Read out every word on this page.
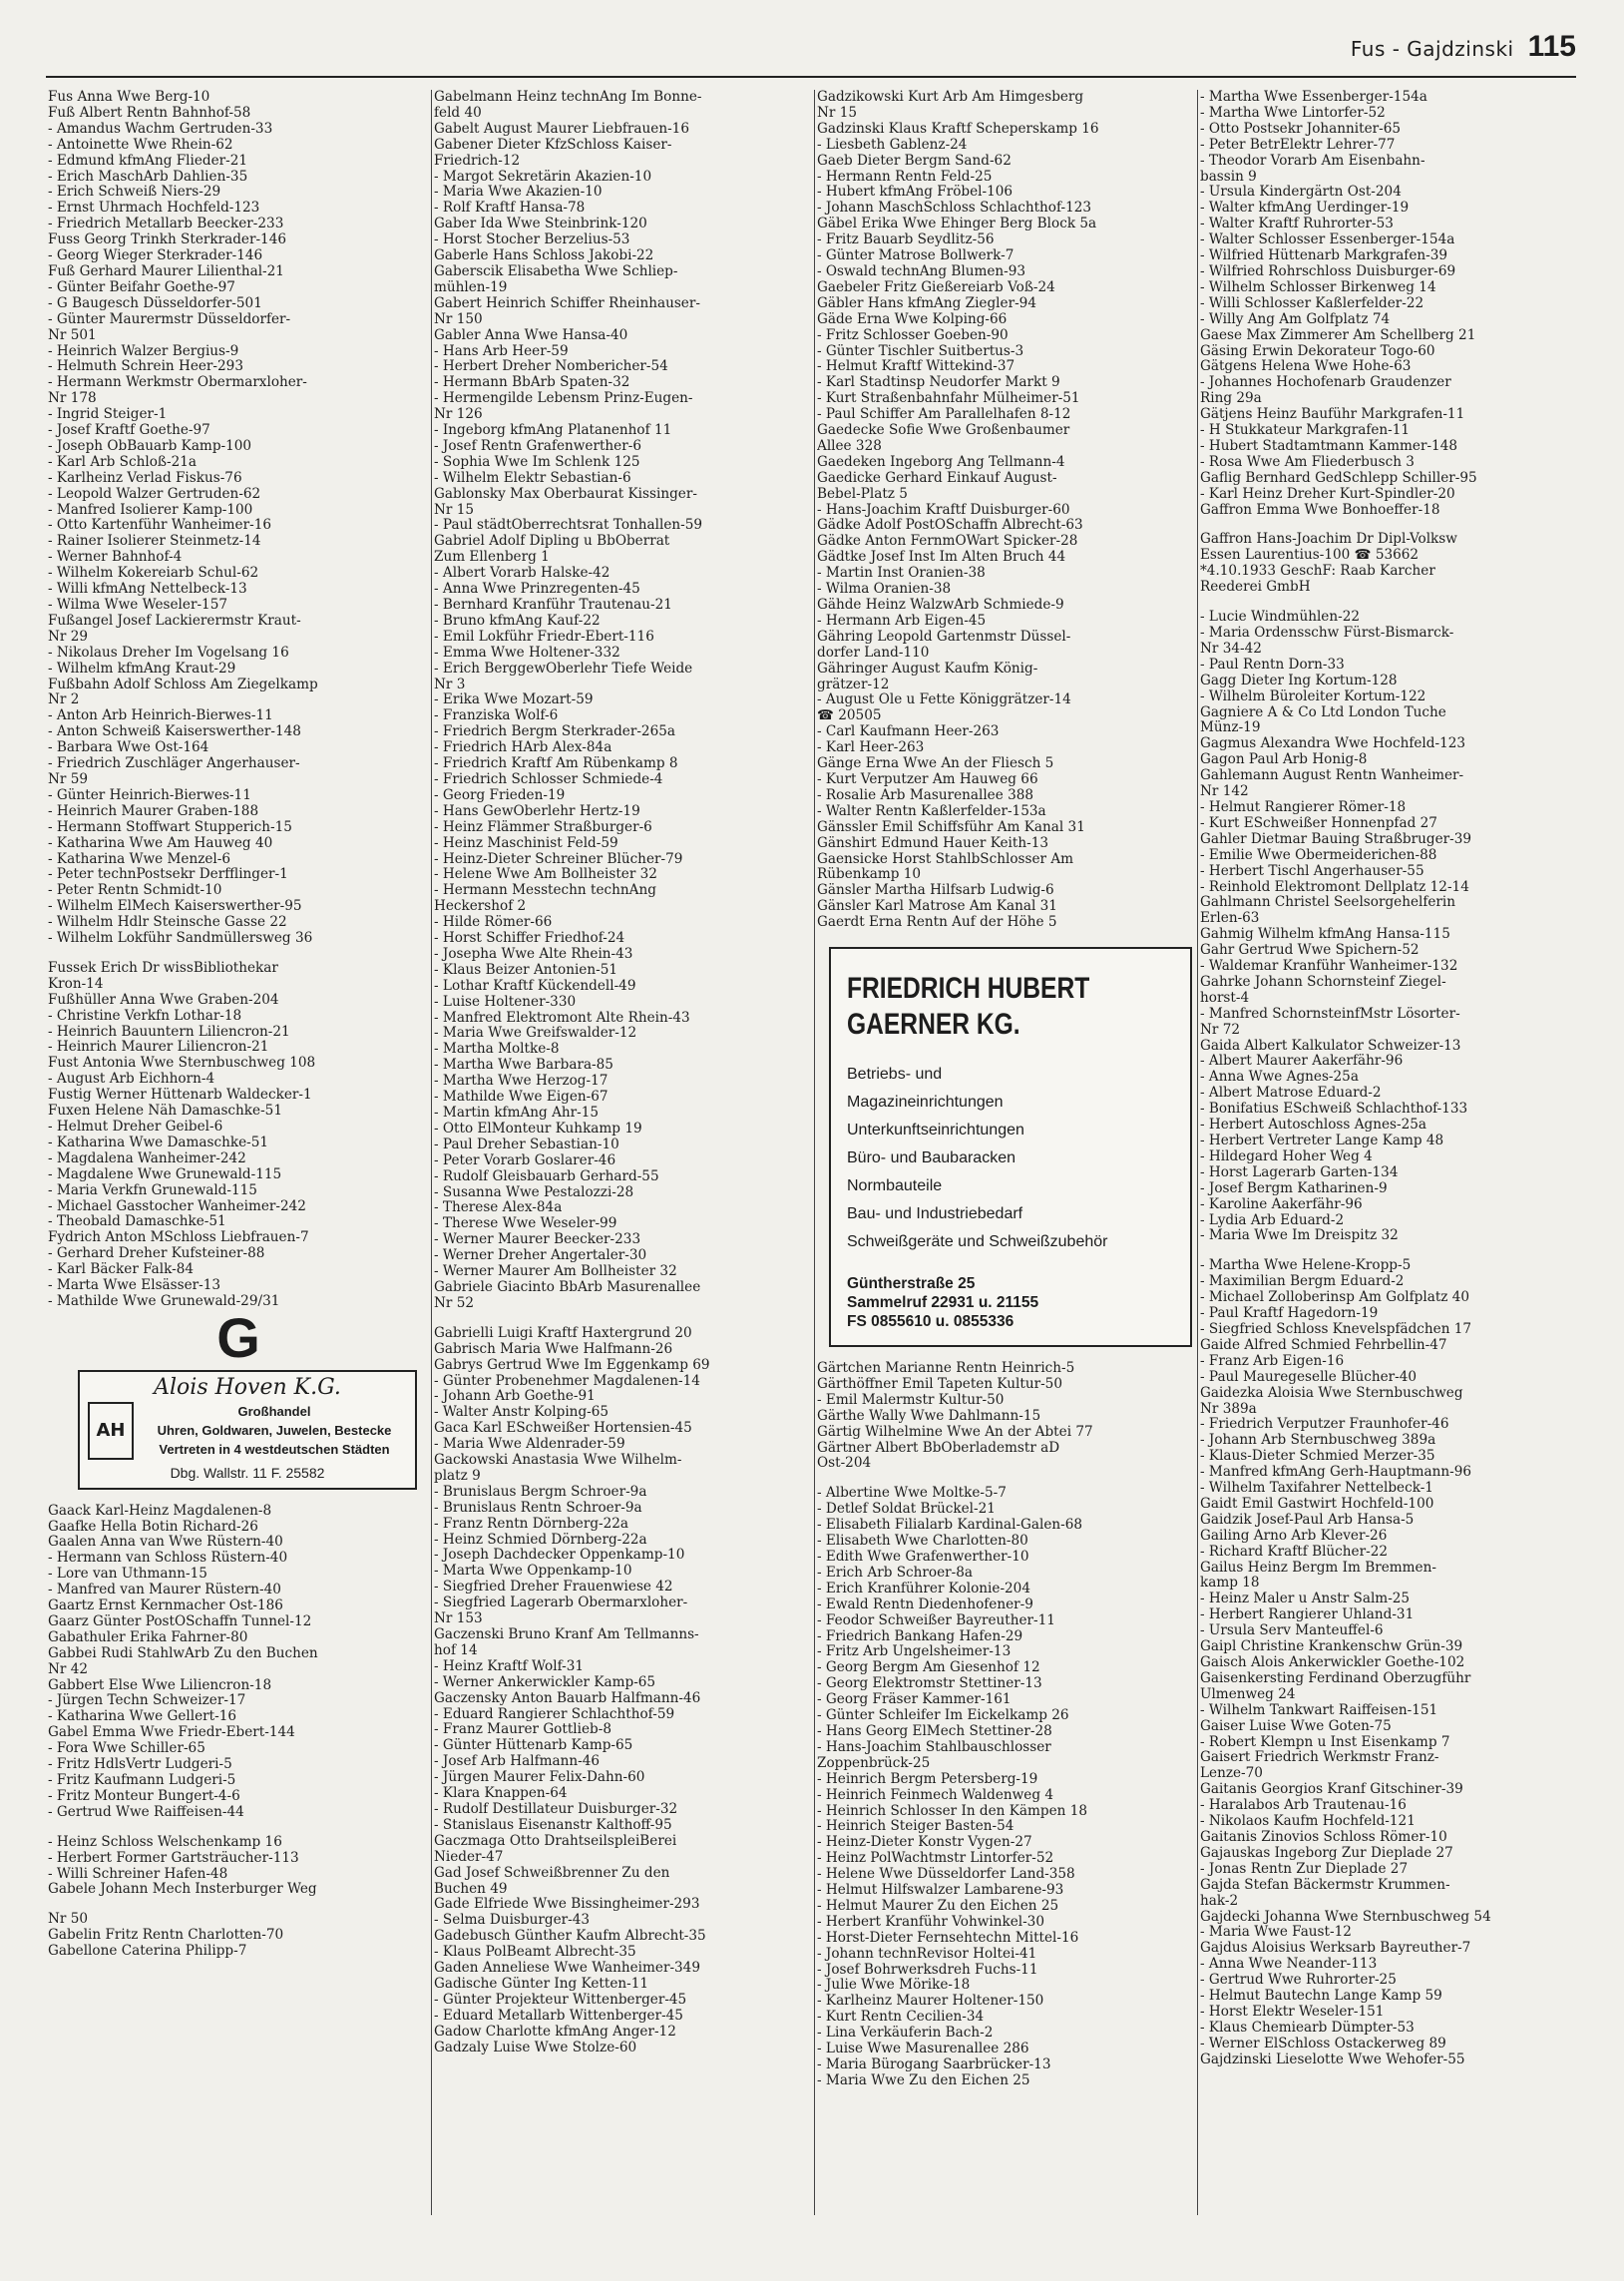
Fus - Gajdzinski 115
Fus Anna Wwe Berg-10
Fuß Albert Rentn Bahnhof-58
- Amandus Wachm Gertruden-33
- Antoinette Wwe Rhein-62
- Edmund kfmAng Flieder-21
- Erich MaschArb Dahlien-35
- Erich Schweiß Niers-29
- Ernst Uhrmach Hochfeld-123
- Friedrich Metallarb Beecker-233
Fuss Georg Trinkh Sterkrader-146
- Georg Wieger Sterkrader-146
Fuß Gerhard Maurer Lilienthal-21
- Günter Beifahr Goethe-97
- G Baugesch Düsseldorfer-501
- Günter Maurermstr Düsseldorfer-
Nr 501
- Heinrich Walzer Bergius-9
- Helmuth Schrein Heer-293
- Hermann Werkmstr Obermarxloher-
Nr 178
- Ingrid Steiger-1
- Josef Kraftf Goethe-97
- Joseph ObBauarb Kamp-100
- Karl Arb Schloß-21a
- Karlheinz Verlad Fiskus-76
- Leopold Walzer Gertruden-62
- Manfred Isolierer Kamp-100
- Otto Kartenführ Wanheimer-16
- Rainer Isolierer Steinmetz-14
- Werner Bahnhof-4
- Wilhelm Kokereiarb Schul-62
- Willi kfmAng Nettelbeck-13
- Wilma Wwe Weseler-157
Fußangel Josef Lackierermstr Kraut-
Nr 29
- Nikolaus Dreher Im Vogelsang 16
- Wilhelm kfmAng Kraut-29
Fußbahn Adolf Schloss Am Ziegelkamp
Nr 2
- Anton Arb Heinrich-Bierwes-11
- Anton Schweiß Kaiserswerther-148
- Barbara Wwe Ost-164
- Friedrich Zuschläger Angerhauser-
Nr 59
- Günter Heinrich-Bierwes-11
- Heinrich Maurer Graben-188
- Hermann Stoffwart Stupperich-15
- Katharina Wwe Am Hauweg 40
- Katharina Wwe Menzel-6
- Peter technPostsekr Derfflinger-1
- Peter Rentn Schmidt-10
- Wilhelm ElMech Kaiserswerther-95
- Wilhelm Hdlr Steinsche Gasse 22
- Wilhelm Lokführ Sandmüllersweg 36
Fussek Erich Dr wissBibliothekar
Kron-14
Fußhüller Anna Wwe Graben-204
- Christine Verkfn Lothar-18
- Heinrich Bauuntern Liliencron-21
- Heinrich Maurer Liliencron-21
Fust Antonia Wwe Sternbuschweg 108
- August Arb Eichhorn-4
Fustig Werner Hüttenarb Waldecker-1
Fuxen Helene Näh Damaschke-51
- Helmut Dreher Geibel-6
- Katharina Wwe Damaschke-51
- Magdalena Wanheimer-242
- Magdalene Wwe Grunewald-115
- Maria Verkfn Grunewald-115
- Michael Gasstocher Wanheimer-242
- Theobald Damaschke-51
Fydrich Anton MSchloss Liebfrauen-7
- Gerhard Dreher Kufsteiner-88
- Karl Bäcker Falk-84
- Marta Wwe Elsässer-13
- Mathilde Wwe Grunewald-29/31
G
Alois Hoven K.G.
AH
Großhandel
Uhren, Goldwaren, Juwelen, Bestecke
Vertreten in 4 westdeutschen Städten
Dbg. Wallstr. 11 F. 25582
Gaack Karl-Heinz Magdalenen-8
Gaafke Hella Botin Richard-26
Gaalen Anna van Wwe Rüstern-40
- Hermann van Schloss Rüstern-40
- Lore van Uthmann-15
- Manfred van Maurer Rüstern-40
Gaartz Ernst Kernmacher Ost-186
Gaarz Günter PostOSchaffn Tunnel-12
Gabathuler Erika Fahrner-80
Gabbei Rudi StahlwArb Zu den Buchen
Nr 42
Gabbert Else Wwe Liliencron-18
- Jürgen Techn Schweizer-17
- Katharina Wwe Gellert-16
Gabel Emma Wwe Friedr-Ebert-144
- Fora Wwe Schiller-65
- Fritz HdlsVertr Ludgeri-5
- Fritz Kaufmann Ludgeri-5
- Fritz Monteur Bungert-4-6
- Gertrud Wwe Raiffeisen-44
- Heinz Schloss Welschenkamp 16
- Herbert Former Gartsträucher-113
- Willi Schreiner Hafen-48
Gabele Johann Mech Insterburger Weg
Nr 50
Gabelin Fritz Rentn Charlotten-70
Gabellone Caterina Philipp-7
Gabelmann Heinz technAng Im Bonne-
feld 40
Gabelt August Maurer Liebfrauen-16
Gabener Dieter KfzSchloss Kaiser-
Friedrich-12
- Margot Sekretärin Akazien-10
- Maria Wwe Akazien-10
- Rolf Kraftf Hansa-78
Gaber Ida Wwe Steinbrink-120
- Horst Stocher Berzelius-53
Gaberle Hans Schloss Jakobi-22
Gaberscik Elisabetha Wwe Schliep-
mühlen-19
Gabert Heinrich Schiffer Rheinhauser-
Nr 150
Gabler Anna Wwe Hansa-40
- Hans Arb Heer-59
- Herbert Dreher Nombericher-54
- Hermann BbArb Spaten-32
- Hermengilde Lebensm Prinz-Eugen-
Nr 126
- Ingeborg kfmAng Platanenhof 11
- Josef Rentn Grafenwerther-6
- Sophia Wwe Im Schlenk 125
- Wilhelm Elektr Sebastian-6
Gablonsky Max Oberbaurat Kissinger-
Nr 15
- Paul städtOberrechtsrat Tonhallen-59
Gabriel Adolf Dipling u BbOberrat
Zum Ellenberg 1
- Albert Vorarb Halske-42
- Anna Wwe Prinzregenten-45
- Bernhard Kranführ Trautenau-21
- Bruno kfmAng Kauf-22
- Emil Lokführ Friedr-Ebert-116
- Emma Wwe Holtener-332
- Erich BerggewOberlehr Tiefe Weide
Nr 3
- Erika Wwe Mozart-59
- Franziska Wolf-6
- Friedrich Bergm Sterkrader-265a
- Friedrich HArb Alex-84a
- Friedrich Kraftf Am Rübenkamp 8
- Friedrich Schlosser Schmiede-4
- Georg Frieden-19
- Hans GewOberlehr Hertz-19
- Heinz Flämmer Straßburger-6
- Heinz Maschinist Feld-59
- Heinz-Dieter Schreiner Blücher-79
- Helene Wwe Am Bollheister 32
- Hermann Messtechn technAng
Heckershof 2
- Hilde Römer-66
- Horst Schiffer Friedhof-24
- Josepha Wwe Alte Rhein-43
- Klaus Beizer Antonien-51
- Lothar Kraftf Kückendell-49
- Luise Holtener-330
- Manfred Elektromont Alte Rhein-43
- Maria Wwe Greifswalder-12
- Martha Moltke-8
- Martha Wwe Barbara-85
- Martha Wwe Herzog-17
- Mathilde Wwe Eigen-67
- Martin kfmAng Ahr-15
- Otto ElMonteur Kuhkamp 19
- Paul Dreher Sebastian-10
- Peter Vorarb Goslarer-46
- Rudolf Gleisbauarb Gerhard-55
- Susanna Wwe Pestalozzi-28
- Therese Alex-84a
- Therese Wwe Weseler-99
- Werner Maurer Beecker-233
- Werner Dreher Angertaler-30
- Werner Maurer Am Bollheister 32
Gabriele Giacinto BbArb Masurenallee
Nr 52
Gabrielli Luigi Kraftf Haxtergrund 20
Gabrisch Maria Wwe Halfmann-26
Gabrys Gertrud Wwe Im Eggenkamp 69
- Günter Probenehmer Magdalenen-14
- Johann Arb Goethe-91
- Walter Anstr Kolping-65
Gaca Karl ESchweißer Hortensien-45
- Maria Wwe Aldenrader-59
Gackowski Anastasia Wwe Wilhelm-
platz 9
- Brunislaus Bergm Schroer-9a
- Brunislaus Rentn Schroer-9a
- Franz Rentn Dörnberg-22a
- Heinz Schmied Dörnberg-22a
- Joseph Dachdecker Oppenkamp-10
- Marta Wwe Oppenkamp-10
- Siegfried Dreher Frauenwiese 42
- Siegfried Lagerarb Obermarxloher-
Nr 153
Gaczenski Bruno Kranf Am Tellmanns-
hof 14
- Heinz Kraftf Wolf-31
- Werner Ankerwickler Kamp-65
Gaczensky Anton Bauarb Halfmann-46
- Eduard Rangierer Schlachthof-59
- Franz Maurer Gottlieb-8
- Günter Hüttenarb Kamp-65
- Josef Arb Halfmann-46
- Jürgen Maurer Felix-Dahn-60
- Klara Knappen-64
- Rudolf Destillateur Duisburger-32
- Stanislaus Eisenanstr Kalthoff-95
Gaczmaga Otto DrahtseilspleiBerei
Nieder-47
Gad Josef Schweißbrenner Zu den
Buchen 49
Gade Elfriede Wwe Bissingheimer-293
- Selma Duisburger-43
Gadebusch Günther Kaufm Albrecht-35
- Klaus PolBeamt Albrecht-35
Gaden Anneliese Wwe Wanheimer-349
Gadische Günter Ing Ketten-11
- Günter Projekteur Wittenberger-45
- Eduard Metallarb Wittenberger-45
Gadow Charlotte kfmAng Anger-12
Gadzaly Luise Wwe Stolze-60
Gadzikowski Kurt Arb Am Himgesberg
Nr 15
Gadzinski Klaus Kraftf Scheperskamp 16
- Liesbeth Gablenz-24
Gaeb Dieter Bergm Sand-62
- Hermann Rentn Feld-25
- Hubert kfmAng Fröbel-106
- Johann MaschSchloss Schlachthof-123
Gäbel Erika Wwe Ehinger Berg Block 5a
- Fritz Bauarb Seydlitz-56
- Günter Matrose Bollwerk-7
- Oswald technAng Blumen-93
Gaebeler Fritz Gießereiarb Voß-24
Gäbler Hans kfmAng Ziegler-94
Gäde Erna Wwe Kolping-66
- Fritz Schlosser Goeben-90
- Günter Tischler Suitbertus-3
- Helmut Kraftf Wittekind-37
- Karl Stadtinsp Neudorfer Markt 9
- Kurt Straßenbahnfahr Mülheimer-51
- Paul Schiffer Am Parallelhafen 8-12
Gaedecke Sofie Wwe Großenbaumer
Allee 328
Gaedeken Ingeborg Ang Tellmann-4
Gaedicke Gerhard Einkauf August-
Bebel-Platz 5
- Hans-Joachim Kraftf Duisburger-60
Gädke Adolf PostOSchaffn Albrecht-63
Gädke Anton FernmOWart Spicker-28
Gädtke Josef Inst Im Alten Bruch 44
- Martin Inst Oranien-38
- Wilma Oranien-38
Gähde Heinz WalzwArb Schmiede-9
- Hermann Arb Eigen-45
Gähring Leopold Gartenmstr Düssel-
dorfer Land-110
Gähringer August Kaufm König-
grätzer-12
- August Öle u Fette Königgrätzer-14
☎ 20505
- Carl Kaufmann Heer-263
- Karl Heer-263
Gänge Erna Wwe An der Fliesch 5
- Kurt Verputzer Am Hauweg 66
- Rosalie Arb Masurenallee 388
- Walter Rentn Kaßlerfelder-153a
Gänssler Emil Schiffsführ Am Kanal 31
Gänshirt Edmund Hauer Keith-13
Gaensicke Horst StahlbSchlosser Am
Rübenkamp 10
Gänsler Martha Hilfsarb Ludwig-6
Gänsler Karl Matrose Am Kanal 31
Gaerdt Erna Rentn Auf der Höhe 5
FRIEDRICH HUBERT
GAERNER KG.
Betriebs- und
Magazineinrichtungen
Unterkunftseinrichtungen
Büro- und Baubaracken
Normbauteile
Bau- und Industriebedarf
Schweißgeräte und Schweißzubehör
Güntherstraße 25
Sammelruf 22931 u. 21155
FS 0855610 u. 0855336
Gärtchen Marianne Rentn Heinrich-5
Gärthöffner Emil Tapeten Kultur-50
- Emil Malermstr Kultur-50
Gärthe Wally Wwe Dahlmann-15
Gärtig Wilhelmine Wwe An der Abtei 77
Gärtner Albert BbOberlademstr aD
Ost-204
- Albertine Wwe Moltke-5-7
- Detlef Soldat Brückel-21
- Elisabeth Filialarb Kardinal-Galen-68
- Elisabeth Wwe Charlotten-80
- Edith Wwe Grafenwerther-10
- Erich Arb Schroer-8a
- Erich Kranführer Kolonie-204
- Ewald Rentn Diedenhofener-9
- Feodor Schweißer Bayreuther-11
- Friedrich Bankang Hafen-29
- Fritz Arb Ungelsheimer-13
- Georg Bergm Am Giesenhof 12
- Georg Elektromstr Stettiner-13
- Georg Fräser Kammer-161
- Günter Schleifer Im Eickelkamp 26
- Hans Georg ElMech Stettiner-28
- Hans-Joachim Stahlbauschlosser
Zoppenbrück-25
- Heinrich Bergm Petersberg-19
- Heinrich Feinmech Waldenweg 4
- Heinrich Schlosser In den Kämpen 18
- Heinrich Steiger Basten-54
- Heinz-Dieter Konstr Vygen-27
- Heinz PolWachtmstr Lintorfer-52
- Helene Wwe Düsseldorfer Land-358
- Helmut Hilfswalzer Lambarene-93
- Helmut Maurer Zu den Eichen 25
- Herbert Kranführ Vohwinkel-30
- Horst-Dieter Fernsehtechn Mittel-16
- Johann technRevisor Holtei-41
- Josef Bohrwerksdreh Fuchs-11
- Julie Wwe Mörike-18
- Karlheinz Maurer Holtener-150
- Kurt Rentn Cecilien-34
- Lina Verkäuferin Bach-2
- Luise Wwe Masurenallee 286
- Maria Bürogang Saarbrücker-13
- Maria Wwe Zu den Eichen 25
- Martha Wwe Essenberger-154a
- Martha Wwe Lintorfer-52
- Otto Postsekr Johanniter-65
- Peter BetrElektr Lehrer-77
- Theodor Vorarb Am Eisenbahn-
bassin 9
- Ursula Kindergärtn Ost-204
- Walter kfmAng Uerdinger-19
- Walter Kraftf Ruhrorter-53
- Walter Schlosser Essenberger-154a
- Wilfried Hüttenarb Markgrafen-39
- Wilfried Rohrschloss Duisburger-69
- Wilhelm Schlosser Birkenweg 14
- Willi Schlosser Kaßlerfelder-22
- Willy Ang Am Golfplatz 74
Gaese Max Zimmerer Am Schellberg 21
Gäsing Erwin Dekorateur Togo-60
Gätgens Helena Wwe Hohe-63
- Johannes Hochofenarb Graudenzer
Ring 29a
Gätjens Heinz Bauführ Markgrafen-11
- H Stukkateur Markgrafen-11
- Hubert Stadtamtmann Kammer-148
- Rosa Wwe Am Fliederbusch 3
Gaflig Bernhard GedSchlepp Schiller-95
- Karl Heinz Dreher Kurt-Spindler-20
Gaffron Emma Wwe Bonhoeffer-18
Gaffron Hans-Joachim Dr Dipl-Volksw
Essen Laurentius-100 ☎ 53662
*4.10.1933 GeschF: Raab Karcher
Reederei GmbH
- Lucie Windmühlen-22
- Maria Ordensschw Fürst-Bismarck-
Nr 34-42
- Paul Rentn Dorn-33
Gagg Dieter Ing Kortum-128
- Wilhelm Büroleiter Kortum-122
Gagniere A & Co Ltd London Tuche
Münz-19
Gagmus Alexandra Wwe Hochfeld-123
Gagon Paul Arb Honig-8
Gahlemann August Rentn Wanheimer-
Nr 142
- Helmut Rangierer Römer-18
- Kurt ESchweißer Honnenpfad 27
Gahler Dietmar Bauing Straßbruger-39
- Emilie Wwe Obermeiderichen-88
- Herbert Tischl Angerhauser-55
- Reinhold Elektromont Dellplatz 12-14
Gahlmann Christel Seelsorgehelferin
Erlen-63
Gahmig Wilhelm kfmAng Hansa-115
Gahr Gertrud Wwe Spichern-52
- Waldemar Kranführ Wanheimer-132
Gahrke Johann Schornsteinf Ziegel-
horst-4
- Manfred SchornsteinfMstr Lösorter-
Nr 72
Gaida Albert Kalkulator Schweizer-13
- Albert Maurer Aakerfähr-96
- Anna Wwe Agnes-25a
- Albert Matrose Eduard-2
- Bonifatius ESchweiß Schlachthof-133
- Herbert Autoschloss Agnes-25a
- Herbert Vertreter Lange Kamp 48
- Hildegard Hoher Weg 4
- Horst Lagerarb Garten-134
- Josef Bergm Katharinen-9
- Karoline Aakerfähr-96
- Lydia Arb Eduard-2
- Maria Wwe Im Dreispitz 32
- Martha Wwe Helene-Kropp-5
- Maximilian Bergm Eduard-2
- Michael Zolloberinsp Am Golfplatz 40
- Paul Kraftf Hagedorn-19
- Siegfried Schloss Knevelspfädchen 17
Gaide Alfred Schmied Fehrbellin-47
- Franz Arb Eigen-16
- Paul Mauregeselle Blücher-40
Gaidezka Aloisia Wwe Sternbuschweg
Nr 389a
- Friedrich Verputzer Fraunhofer-46
- Johann Arb Sternbuschweg 389a
- Klaus-Dieter Schmied Merzer-35
- Manfred kfmAng Gerh-Hauptmann-96
- Wilhelm Taxifahrer Nettelbeck-1
Gaidt Emil Gastwirt Hochfeld-100
Gaidzik Josef-Paul Arb Hansa-5
Gailing Arno Arb Klever-26
- Richard Kraftf Blücher-22
Gailus Heinz Bergm Im Bremmen-
kamp 18
- Heinz Maler u Anstr Salm-25
- Herbert Rangierer Uhland-31
- Ursula Serv Manteuffel-6
Gaipl Christine Krankenschw Grün-39
Gaisch Alois Ankerwickler Goethe-102
Gaisenkersting Ferdinand Oberzugführ
Ulmenweg 24
- Wilhelm Tankwart Raiffeisen-151
Gaiser Luise Wwe Goten-75
- Robert Klempn u Inst Eisenkamp 7
Gaisert Friedrich Werkmstr Franz-
Lenze-70
Gaitanis Georgios Kranf Gitschiner-39
- Haralabos Arb Trautenau-16
- Nikolaos Kaufm Hochfeld-121
Gaitanis Zinovios Schloss Römer-10
Gajauskas Ingeborg Zur Dieplade 27
- Jonas Rentn Zur Dieplade 27
Gajda Stefan Bäckermstr Krummen-
hak-2
Gajdecki Johanna Wwe Sternbuschweg 54
- Maria Wwe Faust-12
Gajdus Aloisius Werksarb Bayreuther-7
- Anna Wwe Neander-113
- Gertrud Wwe Ruhrorter-25
- Helmut Bautechn Lange Kamp 59
- Horst Elektr Weseler-151
- Klaus Chemiearb Dümpter-53
- Werner ElSchloss Ostackerweg 89
Gajdzinski Lieselotte Wwe Wehofer-55
